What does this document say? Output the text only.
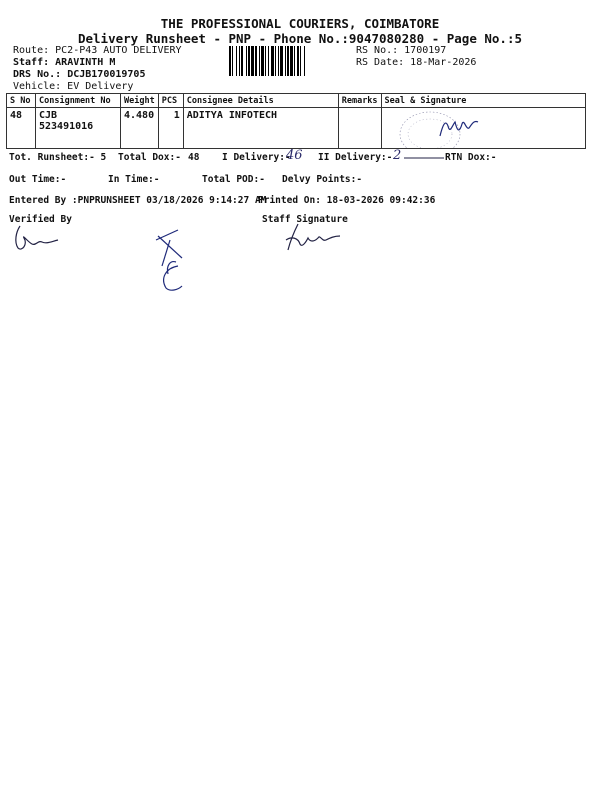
THE PROFESSIONAL COURIERS, COIMBATORE
Delivery Runsheet - PNP - Phone No.:9047080280 - Page No.:5
Route: PC2-P43 AUTO DELIVERY
Staff: ARAVINTH M
DRS No.: DCJB170019705
Vehicle: EV Delivery
RS No.: 1700197
RS Date: 18-Mar-2026
S No	Consignment No	Weight	PCS	Consignee Details	Remarks	Seal & Signature
48	CJB 523491016	4.480	1	ADITYA INFOTECH		
Tot. Runsheet:- 5 Total Dox:- 48 I Delivery:-
46 II Delivery:- 2	RTN Dox:-
Out Time:-	In Time:-	Total POD:- Delvy Points:-
Entered By :PNPRUNSHEET 03/18/2026 9:14:27 AM
Printed On: 18-03-2026 09:42:36
Verified By	Staff Signature
